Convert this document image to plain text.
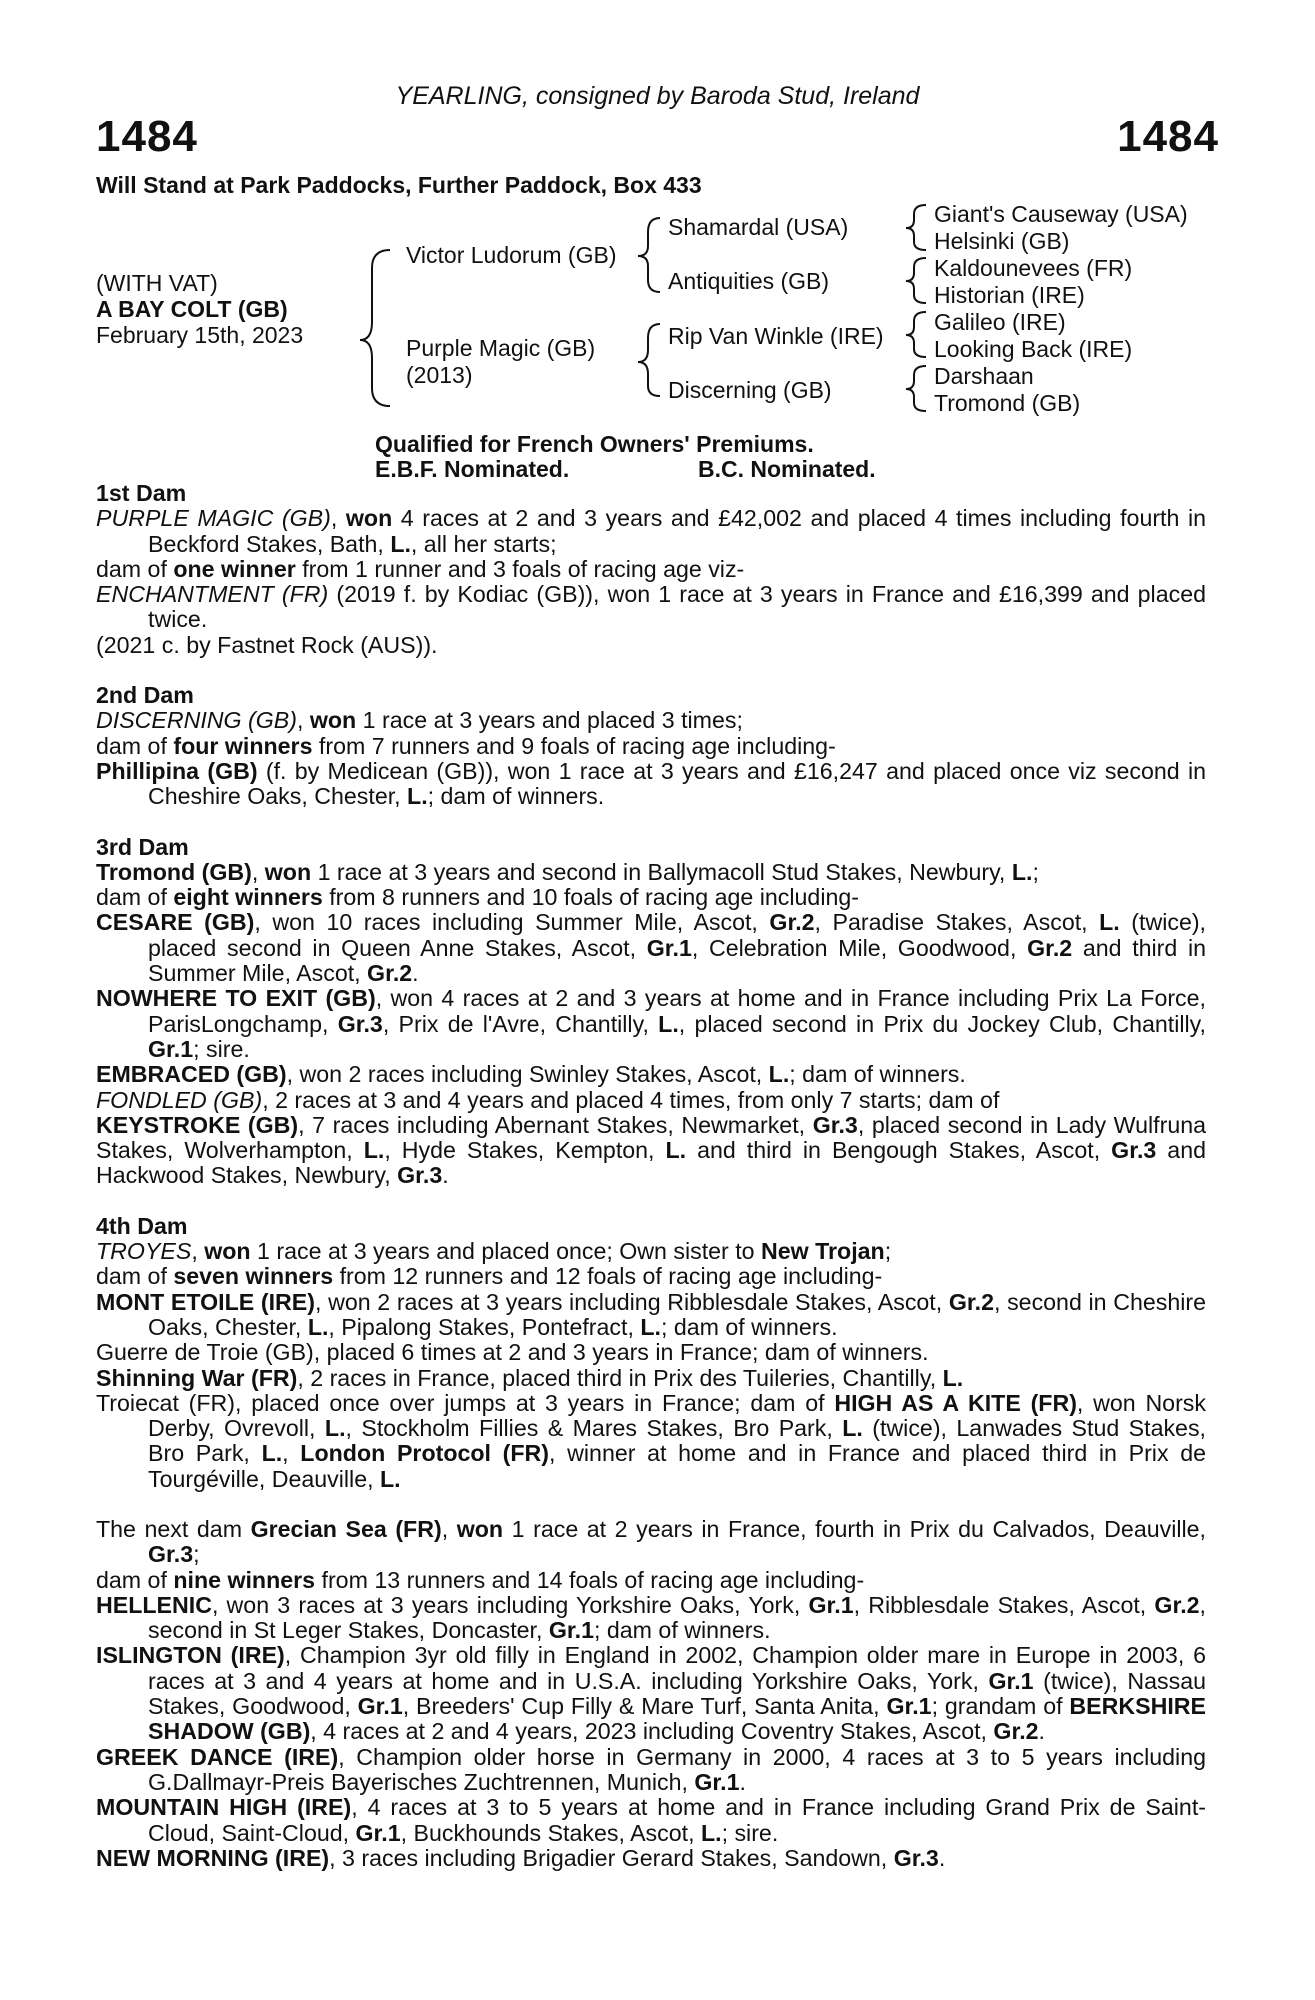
1484	1484
YEARLING, consigned by Baroda Stud, Ireland
Will Stand at Park Paddocks, Further Paddock, Box 433
(WITH VAT)
A BAY COLT (GB)
February 15th, 2023
Victor Ludorum (GB)
Purple Magic (GB)
(2013)
Shamardal (USA)
Antiquities (GB)
Rip Van Winkle (IRE)
Discerning (GB)
Giant's Causeway (USA)
Helsinki (GB)
Kaldounevees (FR)
Historian (IRE)
Galileo (IRE)
Looking Back (IRE)
Darshaan
Tromond (GB)
Qualified for French Owners' Premiums.
E.B.F. Nominated.	B.C. Nominated.

1st Dam

PURPLE MAGIC (GB), won 4 races at 2 and 3 years and £42,002 and placed 4 times including fourth in Beckford Stakes, Bath, L., all her starts;

dam of one winner from 1 runner and 3 foals of racing age viz-

ENCHANTMENT (FR) (2019 f. by Kodiac (GB)), won 1 race at 3 years in France and £16,399 and placed twice.

(2021 c. by Fastnet Rock (AUS)).

2nd Dam

DISCERNING (GB), won 1 race at 3 years and placed 3 times;

dam of four winners from 7 runners and 9 foals of racing age including-

Phillipina (GB) (f. by Medicean (GB)), won 1 race at 3 years and £16,247 and placed once viz second in Cheshire Oaks, Chester, L.; dam of winners.

3rd Dam

Tromond (GB), won 1 race at 3 years and second in Ballymacoll Stud Stakes, Newbury, L.;

dam of eight winners from 8 runners and 10 foals of racing age including-

CESARE (GB), won 10 races including Summer Mile, Ascot, Gr.2, Paradise Stakes, Ascot, L. (twice), placed second in Queen Anne Stakes, Ascot, Gr.1, Celebration Mile, Goodwood, Gr.2 and third in Summer Mile, Ascot, Gr.2.

NOWHERE TO EXIT (GB), won 4 races at 2 and 3 years at home and in France including Prix La Force, ParisLongchamp, Gr.3, Prix de l'Avre, Chantilly, L., placed second in Prix du Jockey Club, Chantilly, Gr.1; sire.

EMBRACED (GB), won 2 races including Swinley Stakes, Ascot, L.; dam of winners.

FONDLED (GB), 2 races at 3 and 4 years and placed 4 times, from only 7 starts; dam of

KEYSTROKE (GB), 7 races including Abernant Stakes, Newmarket, Gr.3, placed second in Lady Wulfruna Stakes, Wolverhampton, L., Hyde Stakes, Kempton, L. and third in Bengough Stakes, Ascot, Gr.3 and Hackwood Stakes, Newbury, Gr.3.

4th Dam

TROYES, won 1 race at 3 years and placed once; Own sister to New Trojan;

dam of seven winners from 12 runners and 12 foals of racing age including-

MONT ETOILE (IRE), won 2 races at 3 years including Ribblesdale Stakes, Ascot, Gr.2, second in Cheshire Oaks, Chester, L., Pipalong Stakes, Pontefract, L.; dam of winners.

Guerre de Troie (GB), placed 6 times at 2 and 3 years in France; dam of winners.

Shinning War (FR), 2 races in France, placed third in Prix des Tuileries, Chantilly, L.

Troiecat (FR), placed once over jumps at 3 years in France; dam of HIGH AS A KITE (FR), won Norsk Derby, Ovrevoll, L., Stockholm Fillies & Mares Stakes, Bro Park, L. (twice), Lanwades Stud Stakes, Bro Park, L., London Protocol (FR), winner at home and in France and placed third in Prix de Tourgéville, Deauville, L.

The next dam Grecian Sea (FR), won 1 race at 2 years in France, fourth in Prix du Calvados, Deauville, Gr.3;

dam of nine winners from 13 runners and 14 foals of racing age including-

HELLENIC, won 3 races at 3 years including Yorkshire Oaks, York, Gr.1, Ribblesdale Stakes, Ascot, Gr.2, second in St Leger Stakes, Doncaster, Gr.1; dam of winners.

ISLINGTON (IRE), Champion 3yr old filly in England in 2002, Champion older mare in Europe in 2003, 6 races at 3 and 4 years at home and in U.S.A. including Yorkshire Oaks, York, Gr.1 (twice), Nassau Stakes, Goodwood, Gr.1, Breeders' Cup Filly & Mare Turf, Santa Anita, Gr.1; grandam of BERKSHIRE SHADOW (GB), 4 races at 2 and 4 years, 2023 including Coventry Stakes, Ascot, Gr.2.

GREEK DANCE (IRE), Champion older horse in Germany in 2000, 4 races at 3 to 5 years including G.Dallmayr-Preis Bayerisches Zuchtrennen, Munich, Gr.1.

MOUNTAIN HIGH (IRE), 4 races at 3 to 5 years at home and in France including Grand Prix de Saint-Cloud, Saint-Cloud, Gr.1, Buckhounds Stakes, Ascot, L.; sire.

NEW MORNING (IRE), 3 races including Brigadier Gerard Stakes, Sandown, Gr.3.
